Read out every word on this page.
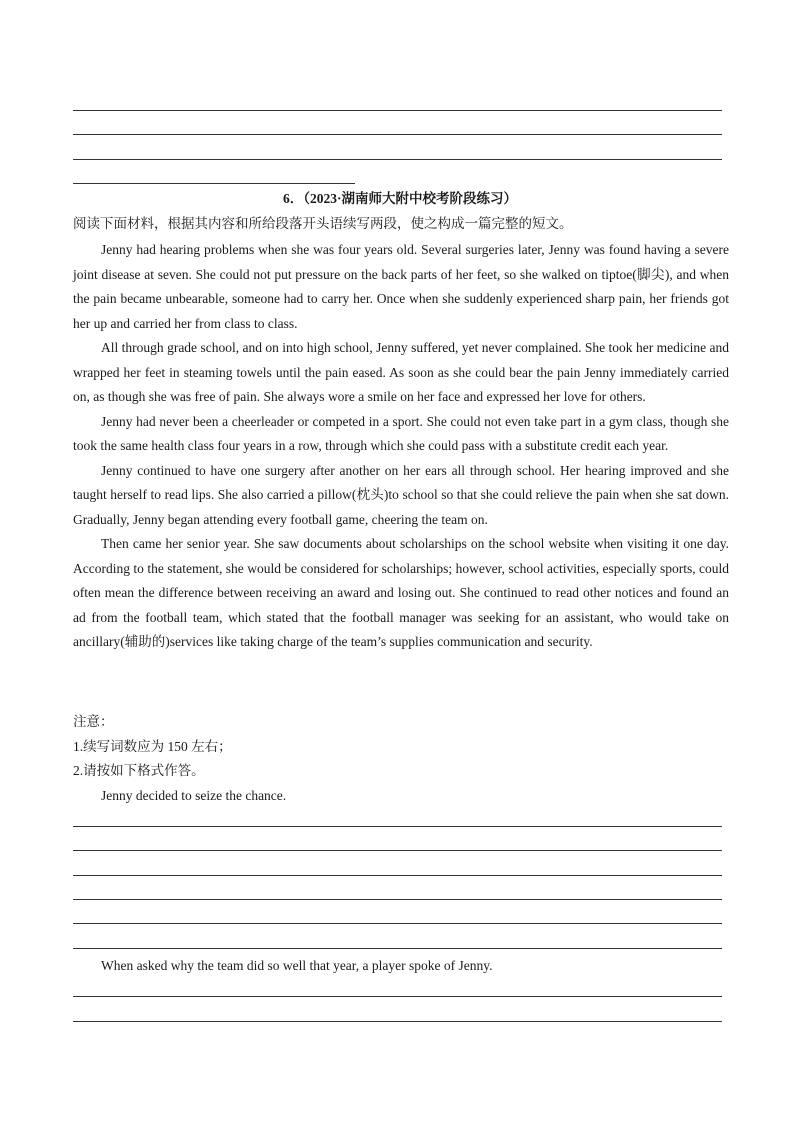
6．（2023·湖南师大附中校考阶段练习）
阅读下面材料，根据其内容和所给段落开头语续写两段，使之构成一篇完整的短文。

Jenny had hearing problems when she was four years old. Several surgeries later, Jenny was found having a severe joint disease at seven. She could not put pressure on the back parts of her feet, so she walked on tiptoe(脚尖), and when the pain became unbearable, someone had to carry her. Once when she suddenly experienced sharp pain, her friends got her up and carried her from class to class.

All through grade school, and on into high school, Jenny suffered, yet never complained. She took her medicine and wrapped her feet in steaming towels until the pain eased. As soon as she could bear the pain Jenny immediately carried on, as though she was free of pain. She always wore a smile on her face and expressed her love for others.

Jenny had never been a cheerleader or competed in a sport. She could not even take part in a gym class, though she took the same health class four years in a row, through which she could pass with a substitute credit each year.

Jenny continued to have one surgery after another on her ears all through school. Her hearing improved and she taught herself to read lips. She also carried a pillow(枕头)to school so that she could relieve the pain when she sat down. Gradually, Jenny began attending every football game, cheering the team on.

Then came her senior year. She saw documents about scholarships on the school website when visiting it one day. According to the statement, she would be considered for scholarships; however, school activities, especially sports, could often mean the difference between receiving an award and losing out. She continued to read other notices and found an ad from the football team, which stated that the football manager was seeking for an assistant, who would take on ancillary(辅助的)services like taking charge of the team’s supplies communication and security.

注意：
1.续写词数应为 150 左右；
2.请按如下格式作答。
Jenny decided to seize the chance.
When asked why the team did so well that year, a player spoke of Jenny.
